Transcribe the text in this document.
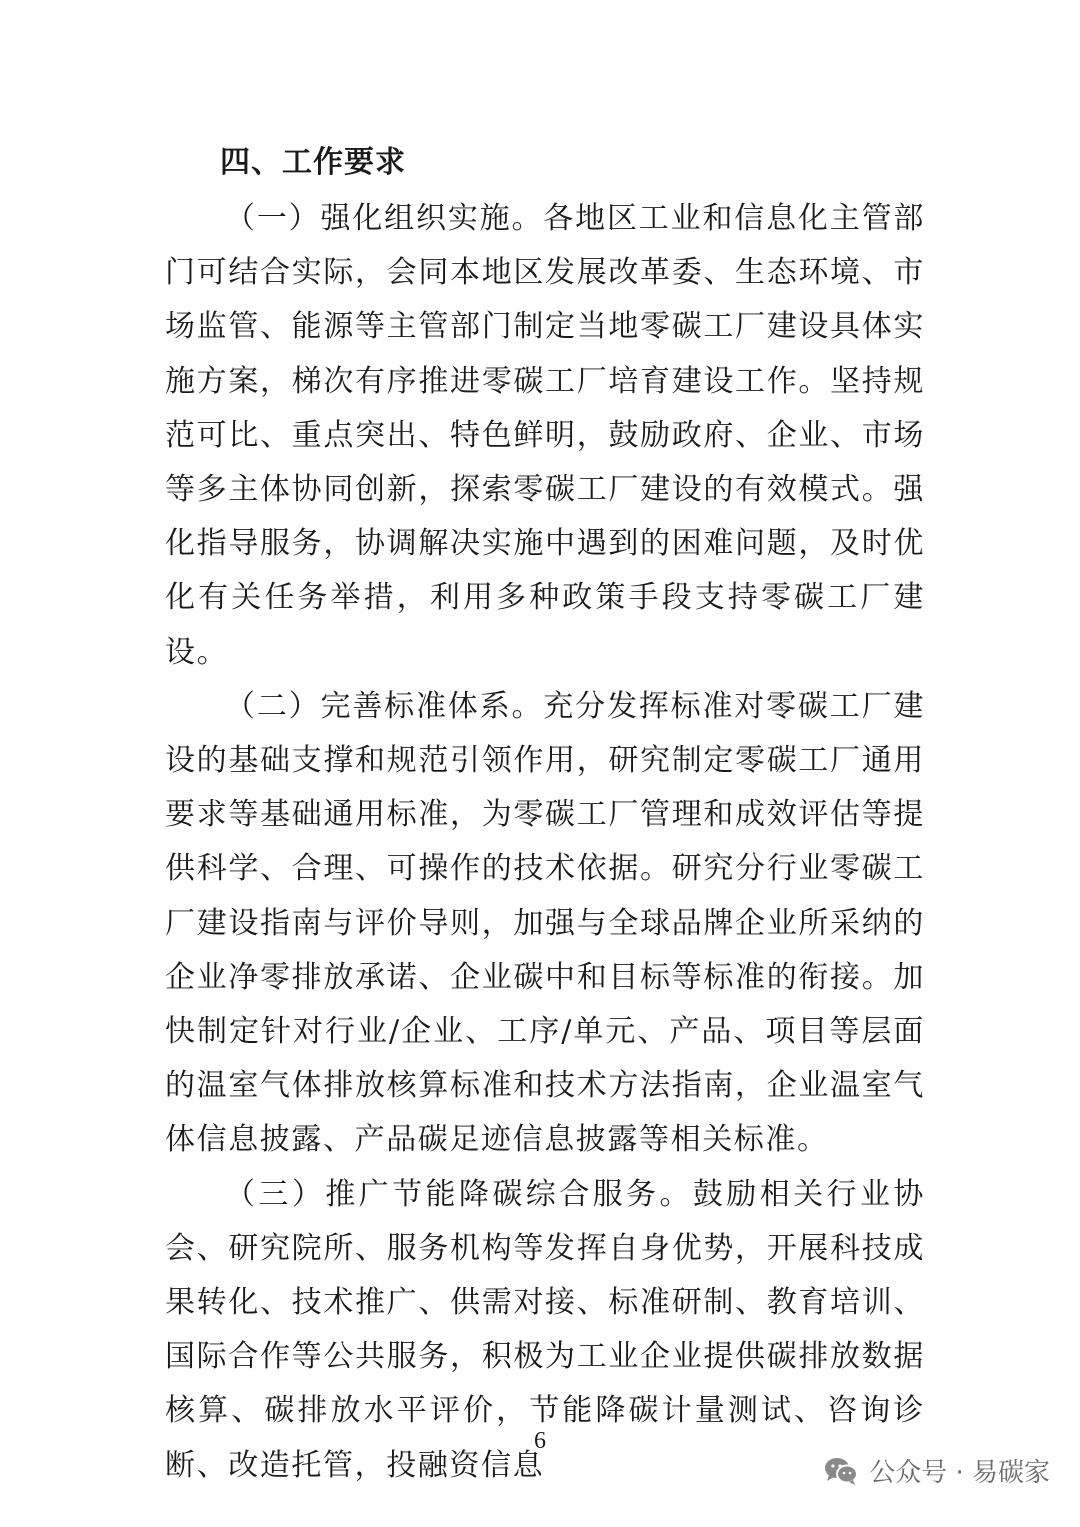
四、工作要求

（一）强化组织实施。各地区工业和信息化主管部门可结合实际，会同本地区发展改革委、生态环境、市场监管、能源等主管部门制定当地零碳工厂建设具体实施方案，梯次有序推进零碳工厂培育建设工作。坚持规范可比、重点突出、特色鲜明，鼓励政府、企业、市场等多主体协同创新，探索零碳工厂建设的有效模式。强化指导服务，协调解决实施中遇到的困难问题，及时优化有关任务举措，利用多种政策手段支持零碳工厂建设。

（二）完善标准体系。充分发挥标准对零碳工厂建设的基础支撑和规范引领作用，研究制定零碳工厂通用要求等基础通用标准，为零碳工厂管理和成效评估等提供科学、合理、可操作的技术依据。研究分行业零碳工厂建设指南与评价导则，加强与全球品牌企业所采纳的企业净零排放承诺、企业碳中和目标等标准的衔接。加快制定针对行业/企业、工序/单元、产品、项目等层面的温室气体排放核算标准和技术方法指南，企业温室气体信息披露、产品碳足迹信息披露等相关标准。

（三）推广节能降碳综合服务。鼓励相关行业协会、研究院所、服务机构等发挥自身优势，开展科技成果转化、技术推广、供需对接、标准研制、教育培训、国际合作等公共服务，积极为工业企业提供碳排放数据核算、碳排放水平评价，节能降碳计量测试、咨询诊断、改造托管，投融资信息

6
公众号 · 易碳家
